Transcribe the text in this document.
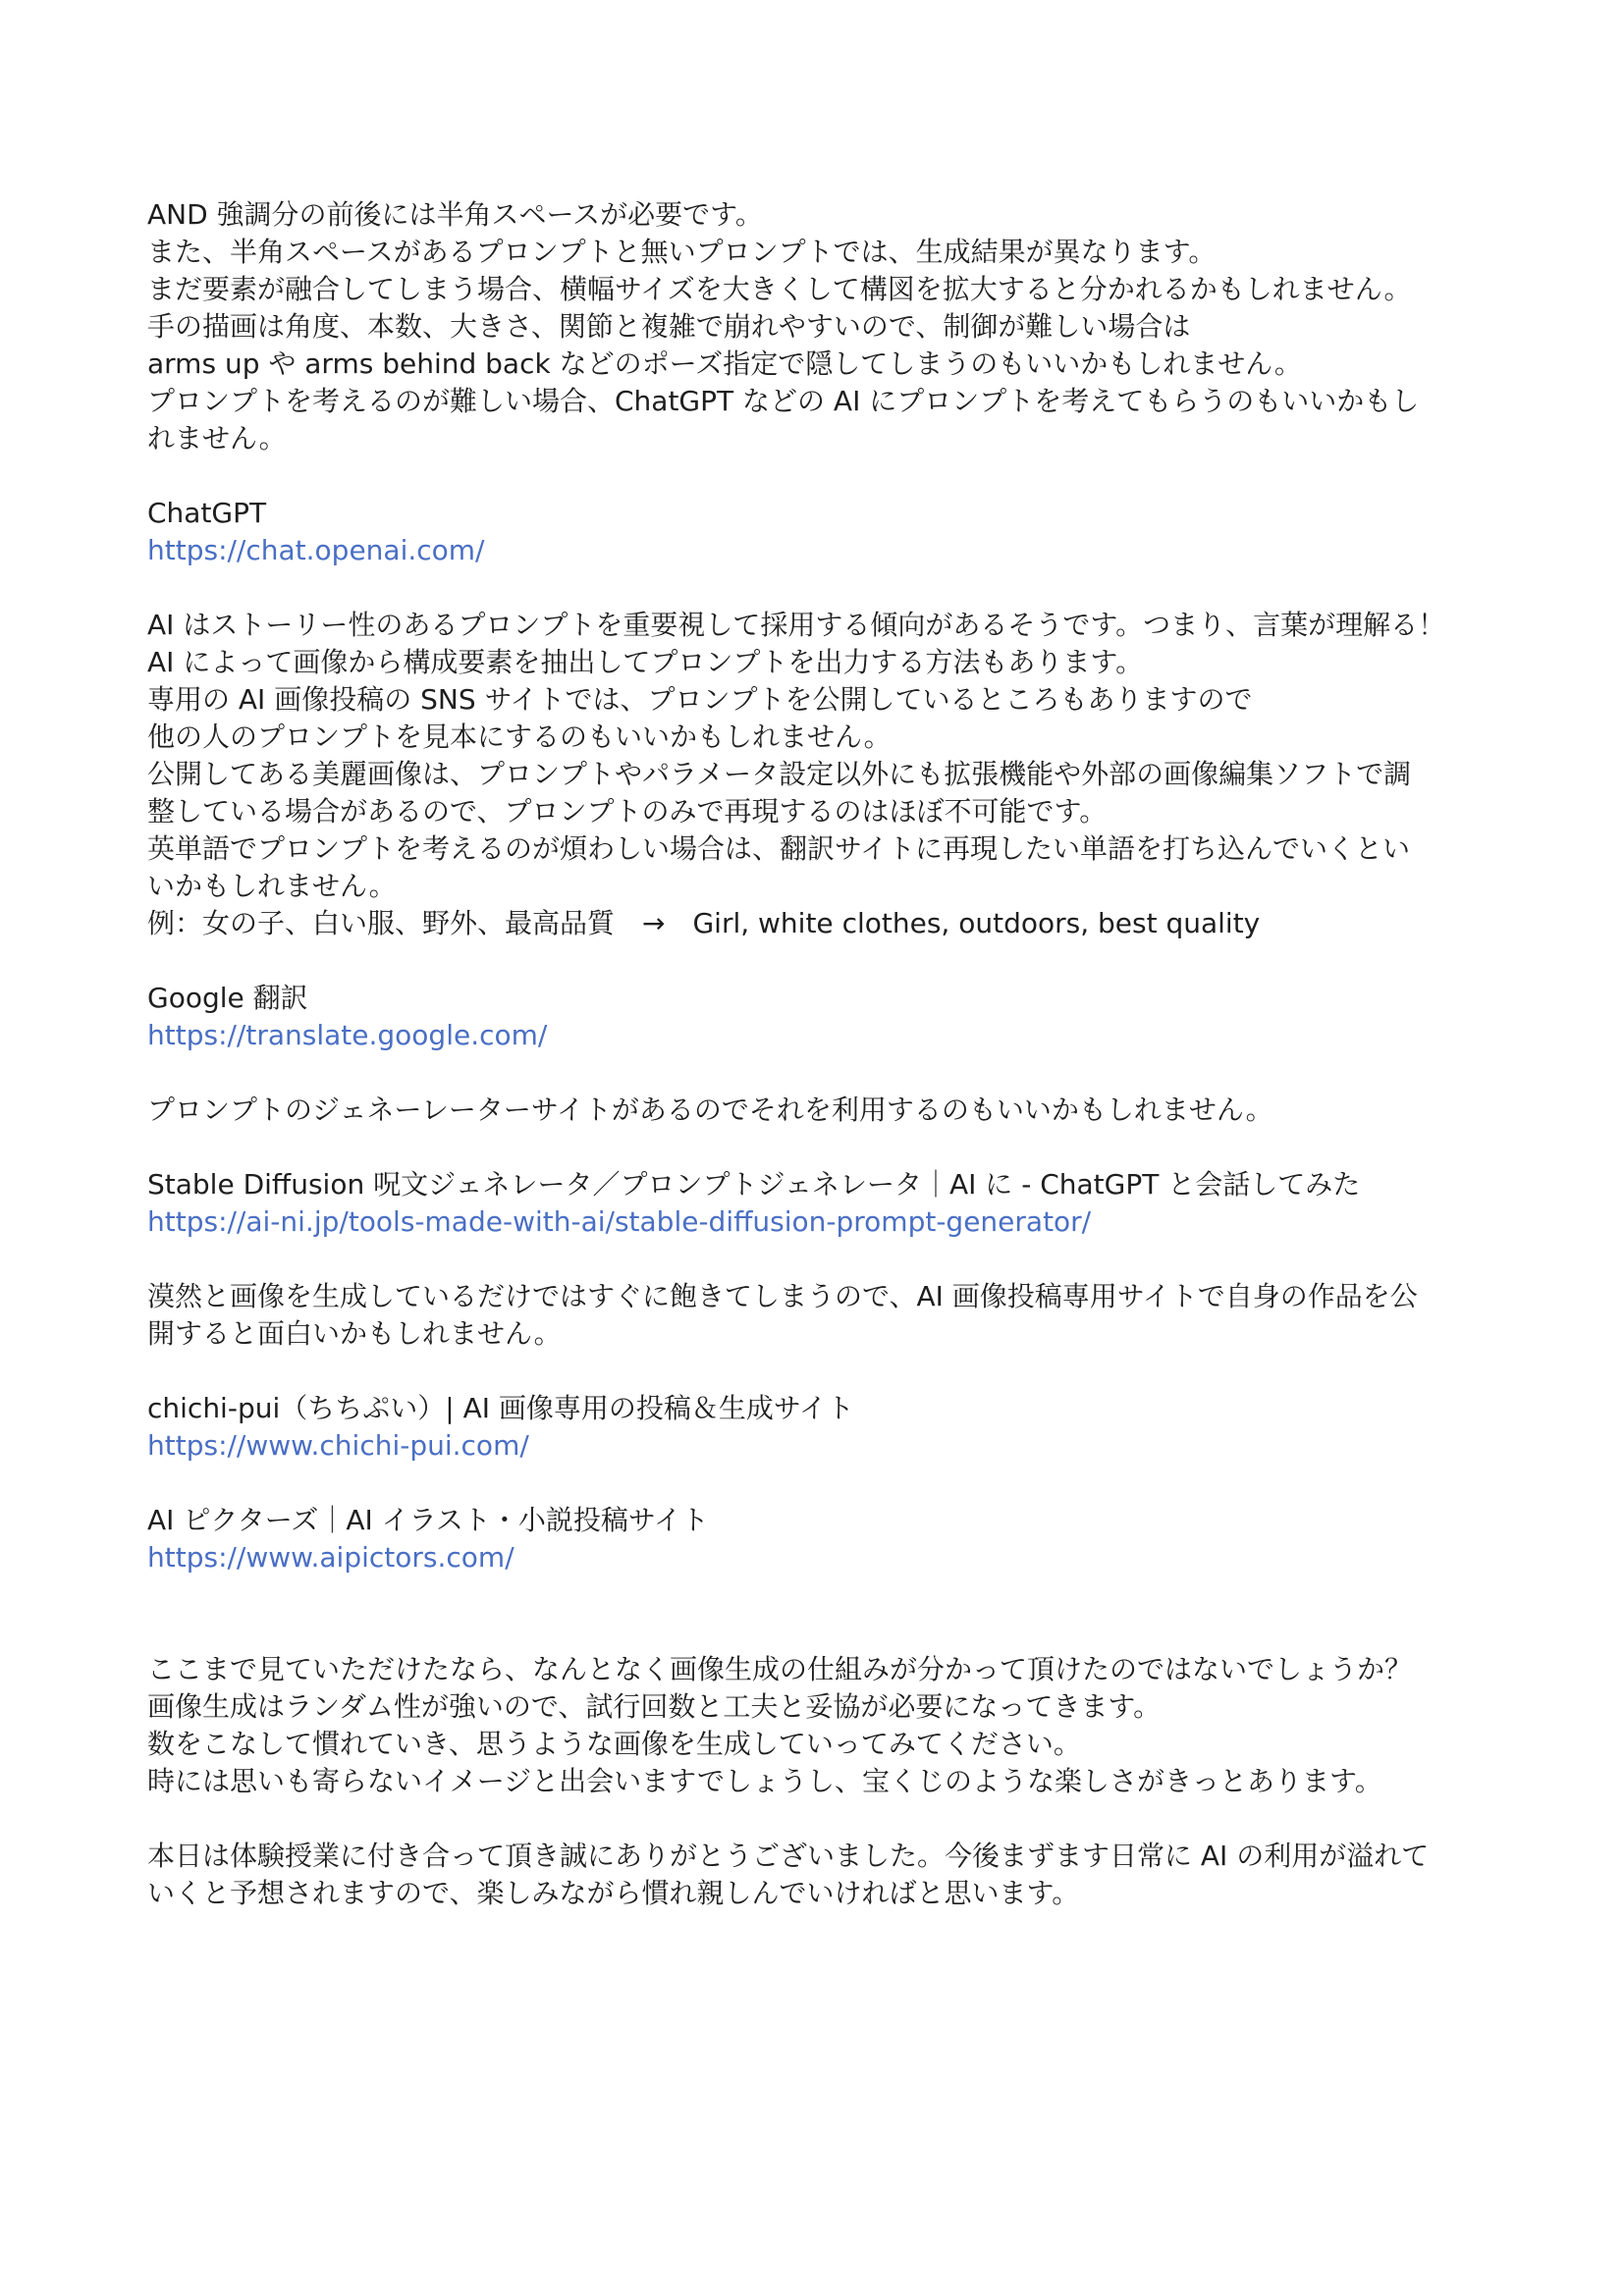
AND 強調分の前後には半角スペースが必要です。
また、半角スペースがあるプロンプトと無いプロンプトでは、生成結果が異なります。
まだ要素が融合してしまう場合、横幅サイズを大きくして構図を拡大すると分かれるかもしれません。
手の描画は角度、本数、大きさ、関節と複雑で崩れやすいので、制御が難しい場合は
arms up や arms behind back などのポーズ指定で隠してしまうのもいいかもしれません。
プロンプトを考えるのが難しい場合、ChatGPT などの AI にプロンプトを考えてもらうのもいいかもし
れません。
ChatGPT
https://chat.openai.com/
AI はストーリー性のあるプロンプトを重要視して採用する傾向があるそうです。つまり、言葉が理解る！
AI によって画像から構成要素を抽出してプロンプトを出力する方法もあります。
専用の AI 画像投稿の SNS サイトでは、プロンプトを公開しているところもありますので
他の人のプロンプトを見本にするのもいいかもしれません。
公開してある美麗画像は、プロンプトやパラメータ設定以外にも拡張機能や外部の画像編集ソフトで調
整している場合があるので、プロンプトのみで再現するのはほぼ不可能です。
英単語でプロンプトを考えるのが煩わしい場合は、翻訳サイトに再現したい単語を打ち込んでいくとい
いかもしれません。
例：女の子、白い服、野外、最高品質　→　Girl, white clothes, outdoors, best quality
Google 翻訳
https://translate.google.com/
プロンプトのジェネーレーターサイトがあるのでそれを利用するのもいいかもしれません。
Stable Diffusion 呪文ジェネレータ／プロンプトジェネレータ｜AI に - ChatGPT と会話してみた
https://ai-ni.jp/tools-made-with-ai/stable-diffusion-prompt-generator/
漠然と画像を生成しているだけではすぐに飽きてしまうので、AI 画像投稿専用サイトで自身の作品を公
開すると面白いかもしれません。
chichi-pui（ちちぷい）| AI 画像専用の投稿＆生成サイト
https://www.chichi-pui.com/
AI ピクターズ｜AI イラスト・小説投稿サイト
https://www.aipictors.com/
ここまで見ていただけたなら、なんとなく画像生成の仕組みが分かって頂けたのではないでしょうか？
画像生成はランダム性が強いので、試行回数と工夫と妥協が必要になってきます。
数をこなして慣れていき、思うような画像を生成していってみてください。
時には思いも寄らないイメージと出会いますでしょうし、宝くじのような楽しさがきっとあります。
本日は体験授業に付き合って頂き誠にありがとうございました。今後まずます日常に AI の利用が溢れて
いくと予想されますので、楽しみながら慣れ親しんでいければと思います。
